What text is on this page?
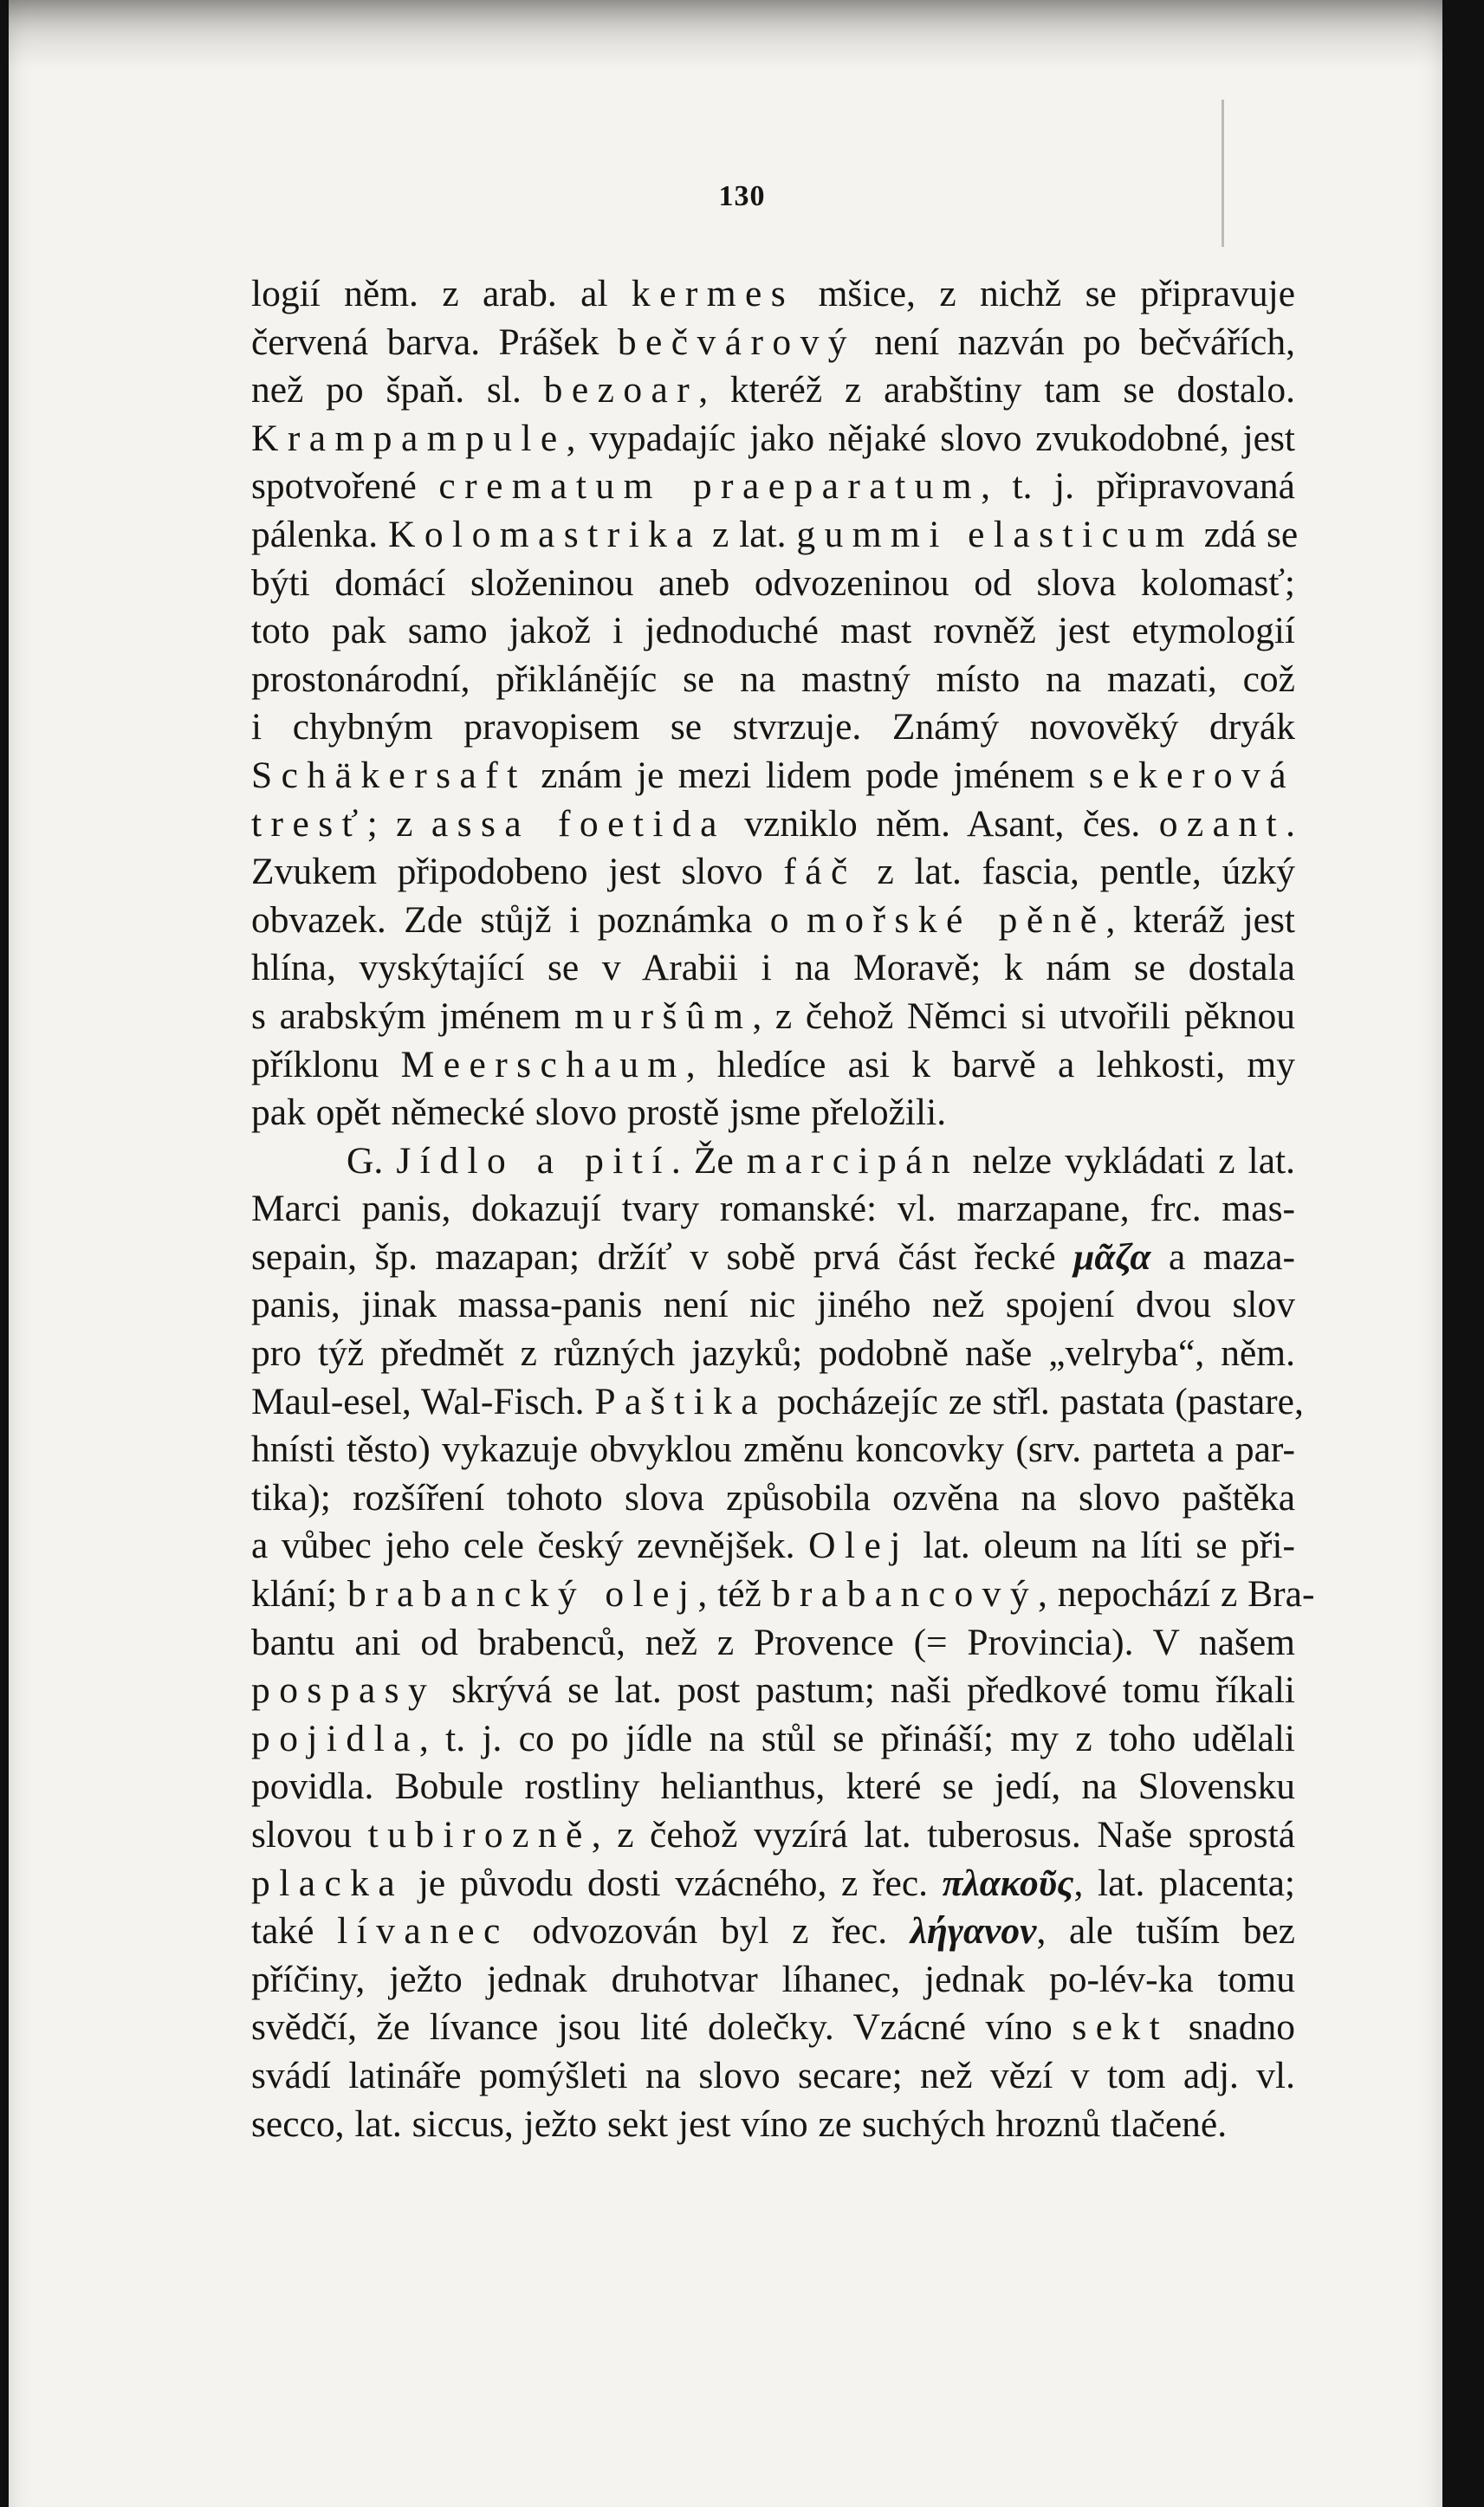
130
logií něm. z arab. al kermes mšice, z nichž se připravuje
červená barva. Prášek bečvárový není nazván po bečvářích,
než po špaň. sl. bezoar, kteréž z arabštiny tam se dostalo.
Krampampule, vypadajíc jako nějaké slovo zvukodobné, jest
spotvořené crematum praeparatum, t. j. připravovaná
pálenka. Kolomastrika z lat. gummi elasticum zdá se
býti domácí složeninou aneb odvozeninou od slova kolomasť;
toto pak samo jakož i jednoduché mast rovněž jest etymologií
prostonárodní, přiklánějíc se na mastný místo na mazati, což
i chybným pravopisem se stvrzuje. Známý novověký dryák
Schäkersaft znám je mezi lidem pode jménem sekerová
tresť; z assa foetida vzniklo něm. Asant, čes. ozant.
Zvukem připodobeno jest slovo fáč z lat. fascia, pentle, úzký
obvazek. Zde stůjž i poznámka o mořské pěně, kteráž jest
hlína, vyskýtající se v Arabii i na Moravě; k nám se dostala
s arabským jménem muršûm, z čehož Němci si utvořili pěknou
příklonu Meerschaum, hledíce asi k barvě a lehkosti, my
pak opět německé slovo prostě jsme přeložili.
G. Jídlo a pití. Že marcipán nelze vykládati z lat.
Marci panis, dokazují tvary romanské: vl. marzapane, frc. mas-
sepain, šp. mazapan; držíť v sobě prvá část řecké μᾶζα a maza-
panis, jinak massa-panis není nic jiného než spojení dvou slov
pro týž předmět z různých jazyků; podobně naše „velryba“, něm.
Maul-esel, Wal-Fisch. Paštika pocházejíc ze střl. pastata (pastare,
hnísti těsto) vykazuje obvyklou změnu koncovky (srv. parteta a par-
tika); rozšíření tohoto slova způsobila ozvěna na slovo paštěka
a vůbec jeho cele český zevnějšek. Olej lat. oleum na líti se při-
klání; brabancký olej, též brabancový, nepochází z Bra-
bantu ani od brabenců, než z Provence (= Provincia). V našem
pospasy skrývá se lat. post pastum; naši předkové tomu říkali
pojidla, t. j. co po jídle na stůl se přináší; my z toho udělali
povidla. Bobule rostliny helianthus, které se jedí, na Slovensku
slovou tubirozně, z čehož vyzírá lat. tuberosus. Naše sprostá
placka je původu dosti vzácného, z řec. πλακοῦς, lat. placenta;
také lívanec odvozován byl z řec. λήγανον, ale tuším bez
příčiny, ježto jednak druhotvar líhanec, jednak po-lév-ka tomu
svědčí, že lívance jsou lité dolečky. Vzácné víno sekt snadno
svádí latináře pomýšleti na slovo secare; než vězí v tom adj. vl.
secco, lat. siccus, ježto sekt jest víno ze suchých hroznů tlačené.
